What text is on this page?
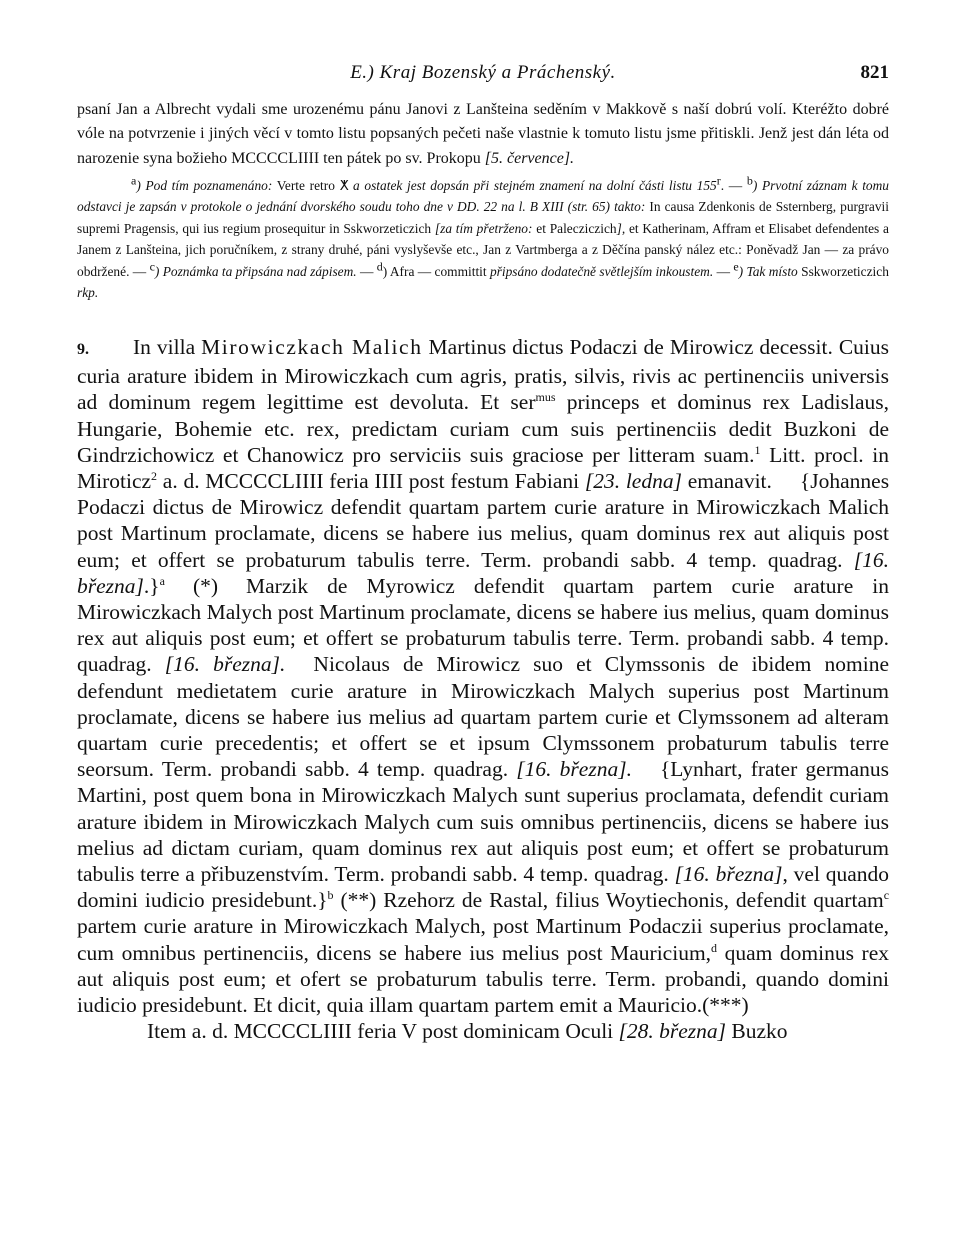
E.) Kraj Bozenský a Práchenský.	821

psaní Jan a Albrecht vydali sme urozenému pánu Janovi z Lanšteina seděním v Makkově s naší dobrú volí. Kteréžto dobré vóle na potvrzenie i jiných věcí v tomto listu popsaných pečeti naše vlastnie k tomuto listu jsme přitiskli. Jenž jest dán léta od narozenie syna božieho MCCCCLIIII ten pátek po sv. Prokopu [5. července].

$^a$) Pod tím poznamenáno: Verte retro ⵅ a ostatek jest dopsán při stejném znamení na dolní části listu 155$^r$. — $^b$) Prvotní záznam k tomu odstavci je zapsán v protokole o jednání dvorského soudu toho dne v DD. 22 na l. B XIII (str. 65) takto: In causa Zdenkonis de Ssternberg, purgravii supremi Pragensis, qui ius regium prosequitur in Sskworzeticzich [za tím přetrženo: et Palecziczich], et Katherinam, Affram et Elisabet defendentes a Janem z Lanšteina, jich poručníkem, z strany druhé, páni vyslyševše etc., Jan z Vartmberga a z Děčína panský nález etc.: Poněvadž Jan — za právo obdržené. — $^c$) Poznámka ta připsána nad zápisem. — $^d$) Afra — committit připsáno dodatečně světlejším inkoustem. — $^e$) Tak místo Sskworzeticzich rkp.

9. In villa Mirowiczkach Malich Martinus dictus Podaczi de Mirowicz decessit. Cuius curia arature ibidem in Mirowiczkach cum agris, pratis, silvis, rivis ac pertinenciis universis ad dominum regem legittime est devoluta. Et ser$^{mus}$ princeps et dominus rex Ladislaus, Hungarie, Bohemie etc. rex, predictam curiam cum suis pertinenciis dedit Buzkoni de Gindrzichowicz et Chanowicz pro serviciis suis graciose per litteram suam.$^1$ Litt. procl. in Miroticz$^2$ a. d. MCCCCLIIII feria IIII post festum Fabiani [23. ledna] emanavit. {Johannes Podaczi dictus de Mirowicz defendit quartam partem curie arature in Mirowiczkach Malich post Martinum proclamate, dicens se habere ius melius, quam dominus rex aut aliquis post eum; et offert se probaturum tabulis terre. Term. probandi sabb. 4 temp. quadrag. [16. března].}$^a$ (*) Marzik de Myrowicz defendit quartam partem curie arature in Mirowiczkach Malych post Martinum proclamate, dicens se habere ius melius, quam dominus rex aut aliquis post eum; et offert se probaturum tabulis terre. Term. probandi sabb. 4 temp. quadrag. [16. března]. Nicolaus de Mirowicz suo et Clymssonis de ibidem nomine defendunt medietatem curie arature in Mirowiczkach Malych superius post Martinum proclamate, dicens se habere ius melius ad quartam partem curie et Clymssonem ad alteram quartam curie precedentis; et offert se et ipsum Clymssonem probaturum tabulis terre seorsum. Term. probandi sabb. 4 temp. quadrag. [16. března]. {Lynhart, frater germanus Martini, post quem bona in Mirowiczkach Malych sunt superius proclamata, defendit curiam arature ibidem in Mirowiczkach Malych cum suis omnibus pertinenciis, dicens se habere ius melius ad dictam curiam, quam dominus rex aut aliquis post eum; et offert se probaturum tabulis terre a přibuzenstvím. Term. probandi sabb. 4 temp. quadrag. [16. března], vel quando domini iudicio presidebunt.}$^b$ (**) Rzehorz de Rastal, filius Woytiechonis, defendit quartam$^c$ partem curie arature in Mirowiczkach Malych, post Martinum Podaczii superius proclamate, cum omnibus pertinenciis, dicens se habere ius melius post Mauricium,$^d$ quam dominus rex aut aliquis post eum; et ofert se probaturum tabulis terre. Term. probandi, quando domini iudicio presidebunt. Et dicit, quia illam quartam partem emit a Mauricio.(***)
Item a. d. MCCCCLIIII feria V post dominicam Oculi [28. března] Buzko
